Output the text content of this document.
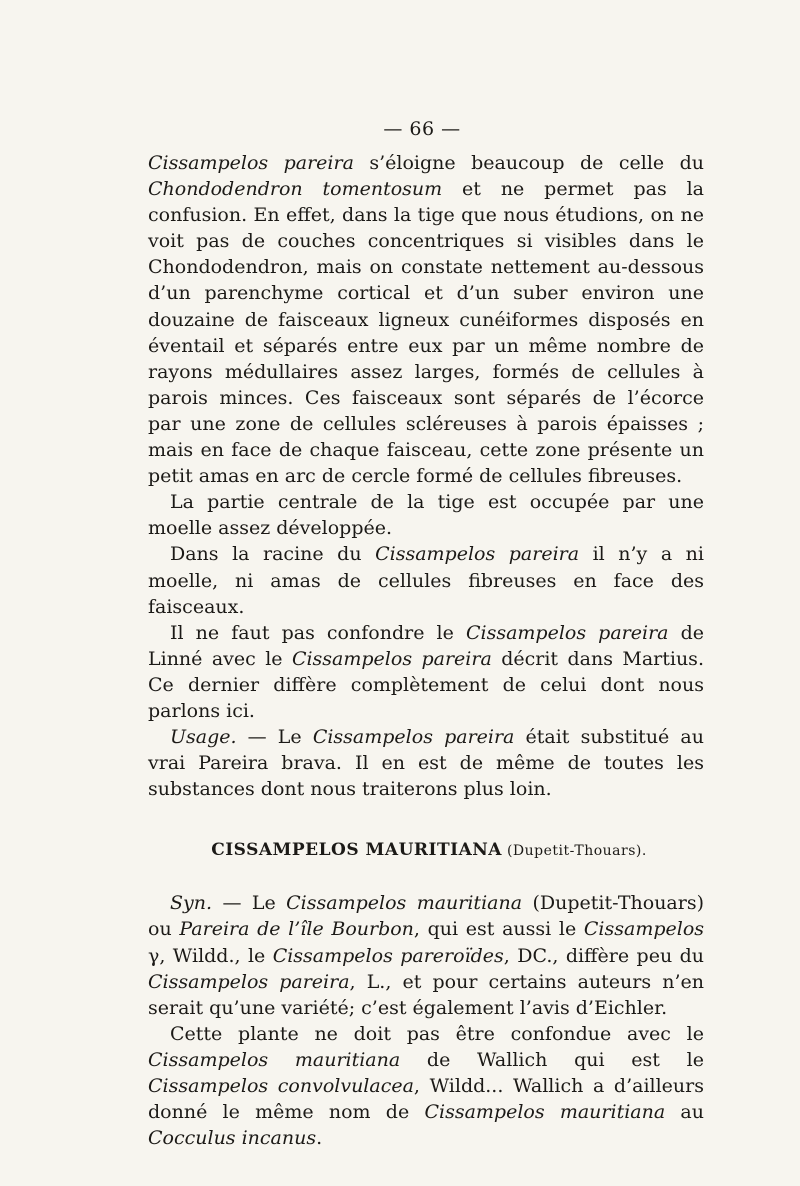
— 66 —

Cissampelos pareira s’éloigne beaucoup de celle du Chondodendron tomentosum et ne permet pas la confusion. En effet, dans la tige que nous étudions, on ne voit pas de couches concentriques si visibles dans le Chondodendron, mais on constate nettement au-dessous d’un parenchyme cortical et d’un suber environ une douzaine de faisceaux ligneux cunéiformes disposés en éventail et séparés entre eux par un même nombre de rayons médullaires assez larges, formés de cellules à parois minces. Ces faisceaux sont séparés de l’écorce par une zone de cellules scléreuses à parois épaisses ; mais en face de chaque faisceau, cette zone présente un petit amas en arc de cercle formé de cellules fibreuses.

La partie centrale de la tige est occupée par une moelle assez développée.

Dans la racine du Cissampelos pareira il n’y a ni moelle, ni amas de cellules fibreuses en face des faisceaux.

Il ne faut pas confondre le Cissampelos pareira de Linné avec le Cissampelos pareira décrit dans Martius. Ce dernier diffère complètement de celui dont nous parlons ici.

Usage. — Le Cissampelos pareira était substitué au vrai Pareira brava. Il en est de même de toutes les substances dont nous traiterons plus loin.

CISSAMPELOS MAURITIANA (Dupetit-Thouars).

Syn. — Le Cissampelos mauritiana (Dupetit-Thouars) ou Pareira de l’île Bourbon, qui est aussi le Cissampelos γ, Wildd., le Cissampelos pareroïdes, DC., diffère peu du Cissampelos pareira, L., et pour certains auteurs n’en serait qu’une variété; c’est également l’avis d’Eichler.

Cette plante ne doit pas être confondue avec le Cissampelos mauritiana de Wallich qui est le Cissampelos convolvulacea, Wildd... Wallich a d’ailleurs donné le même nom de Cissampelos mauritiana au Cocculus incanus.
